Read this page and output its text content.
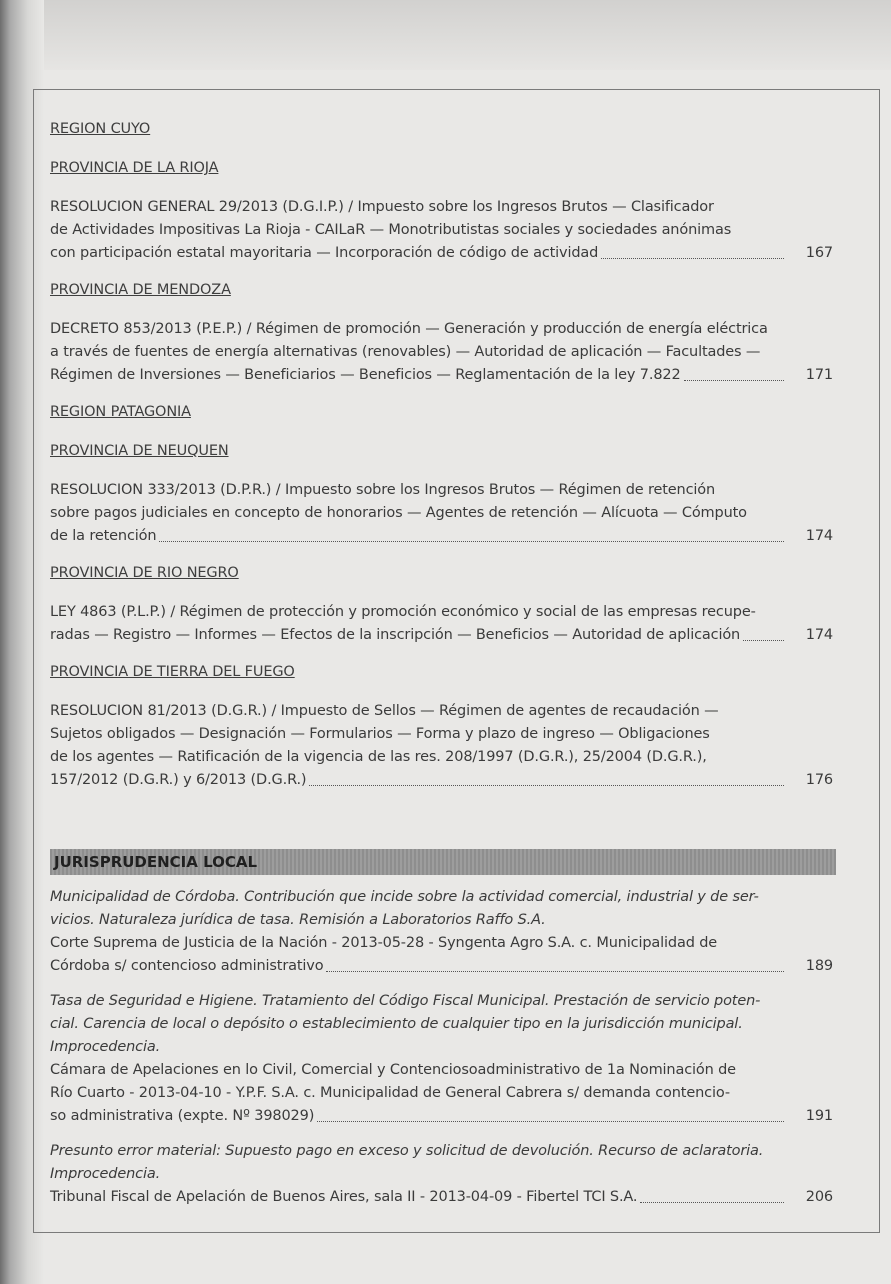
REGION CUYO
PROVINCIA DE LA RIOJA
RESOLUCION GENERAL 29/2013 (D.G.I.P.) / Impuesto sobre los Ingresos Brutos — Clasificador
de Actividades Impositivas La Rioja - CAILaR — Monotributistas sociales y sociedades anónimas
con participación estatal mayoritaria — Incorporación de código de actividad	167
PROVINCIA DE MENDOZA
DECRETO 853/2013 (P.E.P.) / Régimen de promoción — Generación y producción de energía eléctrica
a través de fuentes de energía alternativas (renovables) — Autoridad de aplicación — Facultades —
Régimen de Inversiones — Beneficiarios — Beneficios — Reglamentación de la ley 7.822	171
REGION PATAGONIA
PROVINCIA DE NEUQUEN
RESOLUCION 333/2013 (D.P.R.) / Impuesto sobre los Ingresos Brutos — Régimen de retención
sobre pagos judiciales en concepto de honorarios — Agentes de retención — Alícuota — Cómputo
de la retención	174
PROVINCIA DE RIO NEGRO
LEY 4863 (P.L.P.) / Régimen de protección y promoción económico y social de las empresas recupe-
radas — Registro — Informes — Efectos de la inscripción — Beneficios — Autoridad de aplicación	174
PROVINCIA DE TIERRA DEL FUEGO
RESOLUCION 81/2013 (D.G.R.) / Impuesto de Sellos — Régimen de agentes de recaudación —
Sujetos obligados — Designación — Formularios — Forma y plazo de ingreso — Obligaciones
de los agentes — Ratificación de la vigencia de las res. 208/1997 (D.G.R.), 25/2004 (D.G.R.),
157/2012 (D.G.R.) y 6/2013 (D.G.R.)	176
JURISPRUDENCIA LOCAL
Municipalidad de Córdoba. Contribución que incide sobre la actividad comercial, industrial y de ser-
vicios. Naturaleza jurídica de tasa. Remisión a Laboratorios Raffo S.A.
Corte Suprema de Justicia de la Nación - 2013-05-28 - Syngenta Agro S.A. c. Municipalidad de
Córdoba s/ contencioso administrativo	189
Tasa de Seguridad e Higiene. Tratamiento del Código Fiscal Municipal. Prestación de servicio poten-
cial. Carencia de local o depósito o establecimiento de cualquier tipo en la jurisdicción municipal.
Improcedencia.
Cámara de Apelaciones en lo Civil, Comercial y Contenciosoadministrativo de 1a Nominación de
Río Cuarto - 2013-04-10 - Y.P.F. S.A. c. Municipalidad de General Cabrera s/ demanda contencio-
so administrativa (expte. Nº 398029)	191
Presunto error material: Supuesto pago en exceso y solicitud de devolución. Recurso de aclaratoria.
Improcedencia.
Tribunal Fiscal de Apelación de Buenos Aires, sala II - 2013-04-09 - Fibertel TCI S.A.	206
